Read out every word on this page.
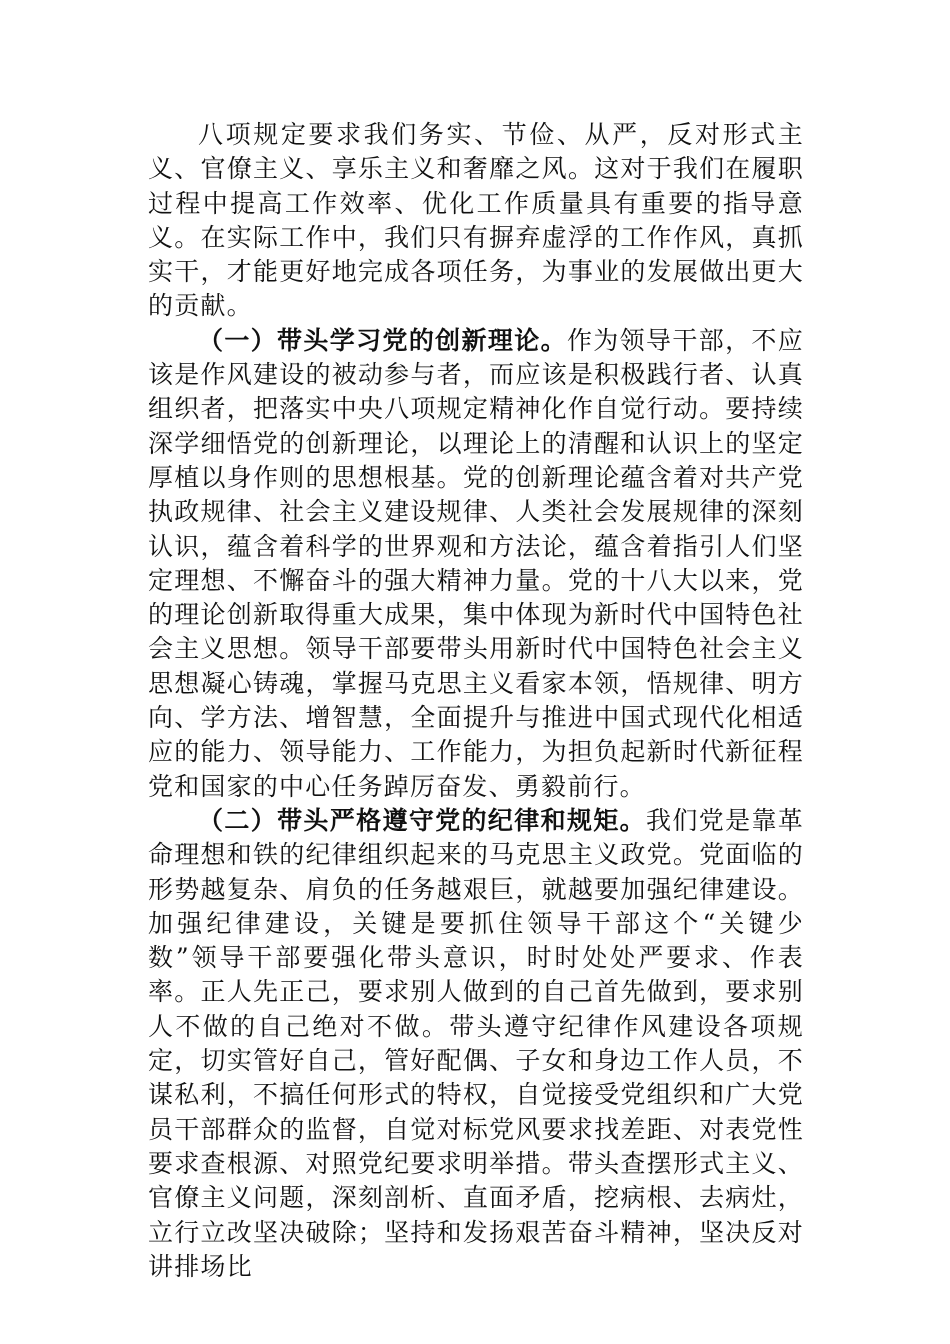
八项规定要求我们务实、节俭、从严，反对形式主义、官僚主义、享乐主义和奢靡之风。这对于我们在履职过程中提高工作效率、优化工作质量具有重要的指导意义。在实际工作中，我们只有摒弃虚浮的工作作风，真抓实干，才能更好地完成各项任务，为事业的发展做出更大的贡献。

（一）带头学习党的创新理论。作为领导干部，不应该是作风建设的被动参与者，而应该是积极践行者、认真组织者，把落实中央八项规定精神化作自觉行动。要持续深学细悟党的创新理论，以理论上的清醒和认识上的坚定厚植以身作则的思想根基。党的创新理论蕴含着对共产党执政规律、社会主义建设规律、人类社会发展规律的深刻认识，蕴含着科学的世界观和方法论，蕴含着指引人们坚定理想、不懈奋斗的强大精神力量。党的十八大以来，党的理论创新取得重大成果，集中体现为新时代中国特色社会主义思想。领导干部要带头用新时代中国特色社会主义思想凝心铸魂，掌握马克思主义看家本领，悟规律、明方向、学方法、增智慧，全面提升与推进中国式现代化相适应的能力、领导能力、工作能力，为担负起新时代新征程党和国家的中心任务踔厉奋发、勇毅前行。

（二）带头严格遵守党的纪律和规矩。我们党是靠革命理想和铁的纪律组织起来的马克思主义政党。党面临的形势越复杂、肩负的任务越艰巨，就越要加强纪律建设。加强纪律建设，关键是要抓住领导干部这个“关键少数”领导干部要强化带头意识，时时处处严要求、作表率。正人先正己，要求别人做到的自己首先做到，要求别人不做的自己绝对不做。带头遵守纪律作风建设各项规定，切实管好自己，管好配偶、子女和身边工作人员，不谋私利，不搞任何形式的特权，自觉接受党组织和广大党员干部群众的监督，自觉对标党风要求找差距、对表党性要求查根源、对照党纪要求明举措。带头查摆形式主义、官僚主义问题，深刻剖析、直面矛盾，挖病根、去病灶，立行立改坚决破除；坚持和发扬艰苦奋斗精神，坚决反对讲排场比
